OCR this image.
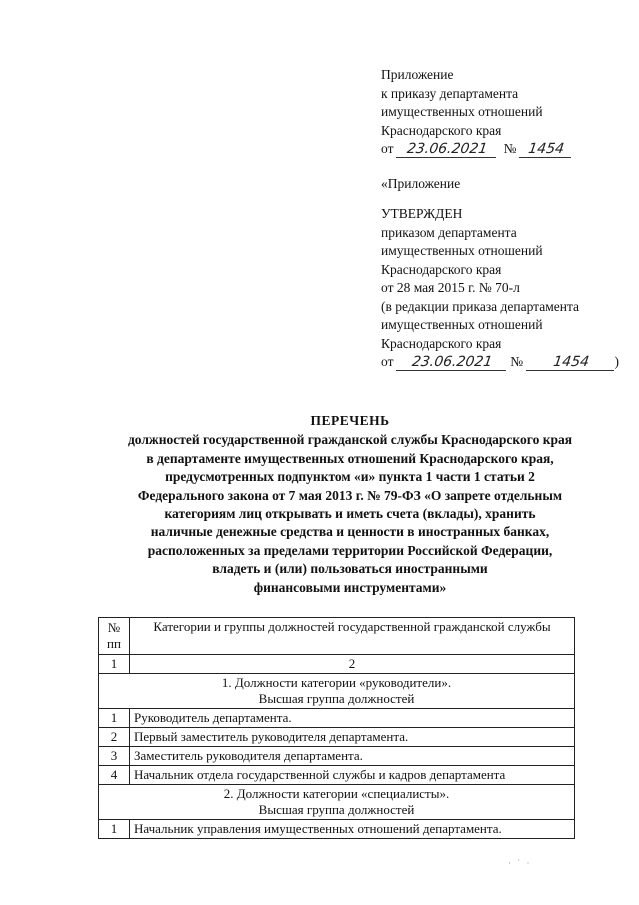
Приложение
к приказу департамента
имущественных отношений
Краснодарского края
от 23.06.2021 № 1454
«Приложение
УТВЕРЖДЕН
приказом департамента
имущественных отношений
Краснодарского края
от 28 мая 2015 г. № 70-л
(в редакции приказа департамента
имущественных отношений
Краснодарского края
от 23.06.2021 № 1454 )
ПЕРЕЧЕНЬ
должностей государственной гражданской службы Краснодарского края
в департаменте имущественных отношений Краснодарского края,
предусмотренных подпунктом «и» пункта 1 части 1 статьи 2
Федерального закона от 7 мая 2013 г. № 79-ФЗ «О запрете отдельным
категориям лиц открывать и иметь счета (вклады), хранить
наличные денежные средства и ценности в иностранных банках,
расположенных за пределами территории Российской Федерации,
владеть и (или) пользоваться иностранными
финансовыми инструментами»
№ пп	Категории и группы должностей государственной гражданской службы
1	2

1. Должности категории «руководители».
Высшая группа должностей	

1	Руководитель департамента.
2	Первый заместитель руководителя департамента.
3	Заместитель руководителя департамента.
4	Начальник отдела государственной службы и кадров департамента

2. Должности категории «специалисты».
Высшая группа должностей	

1	Начальник управления имущественных отношений департамента.
· ˙ ·
